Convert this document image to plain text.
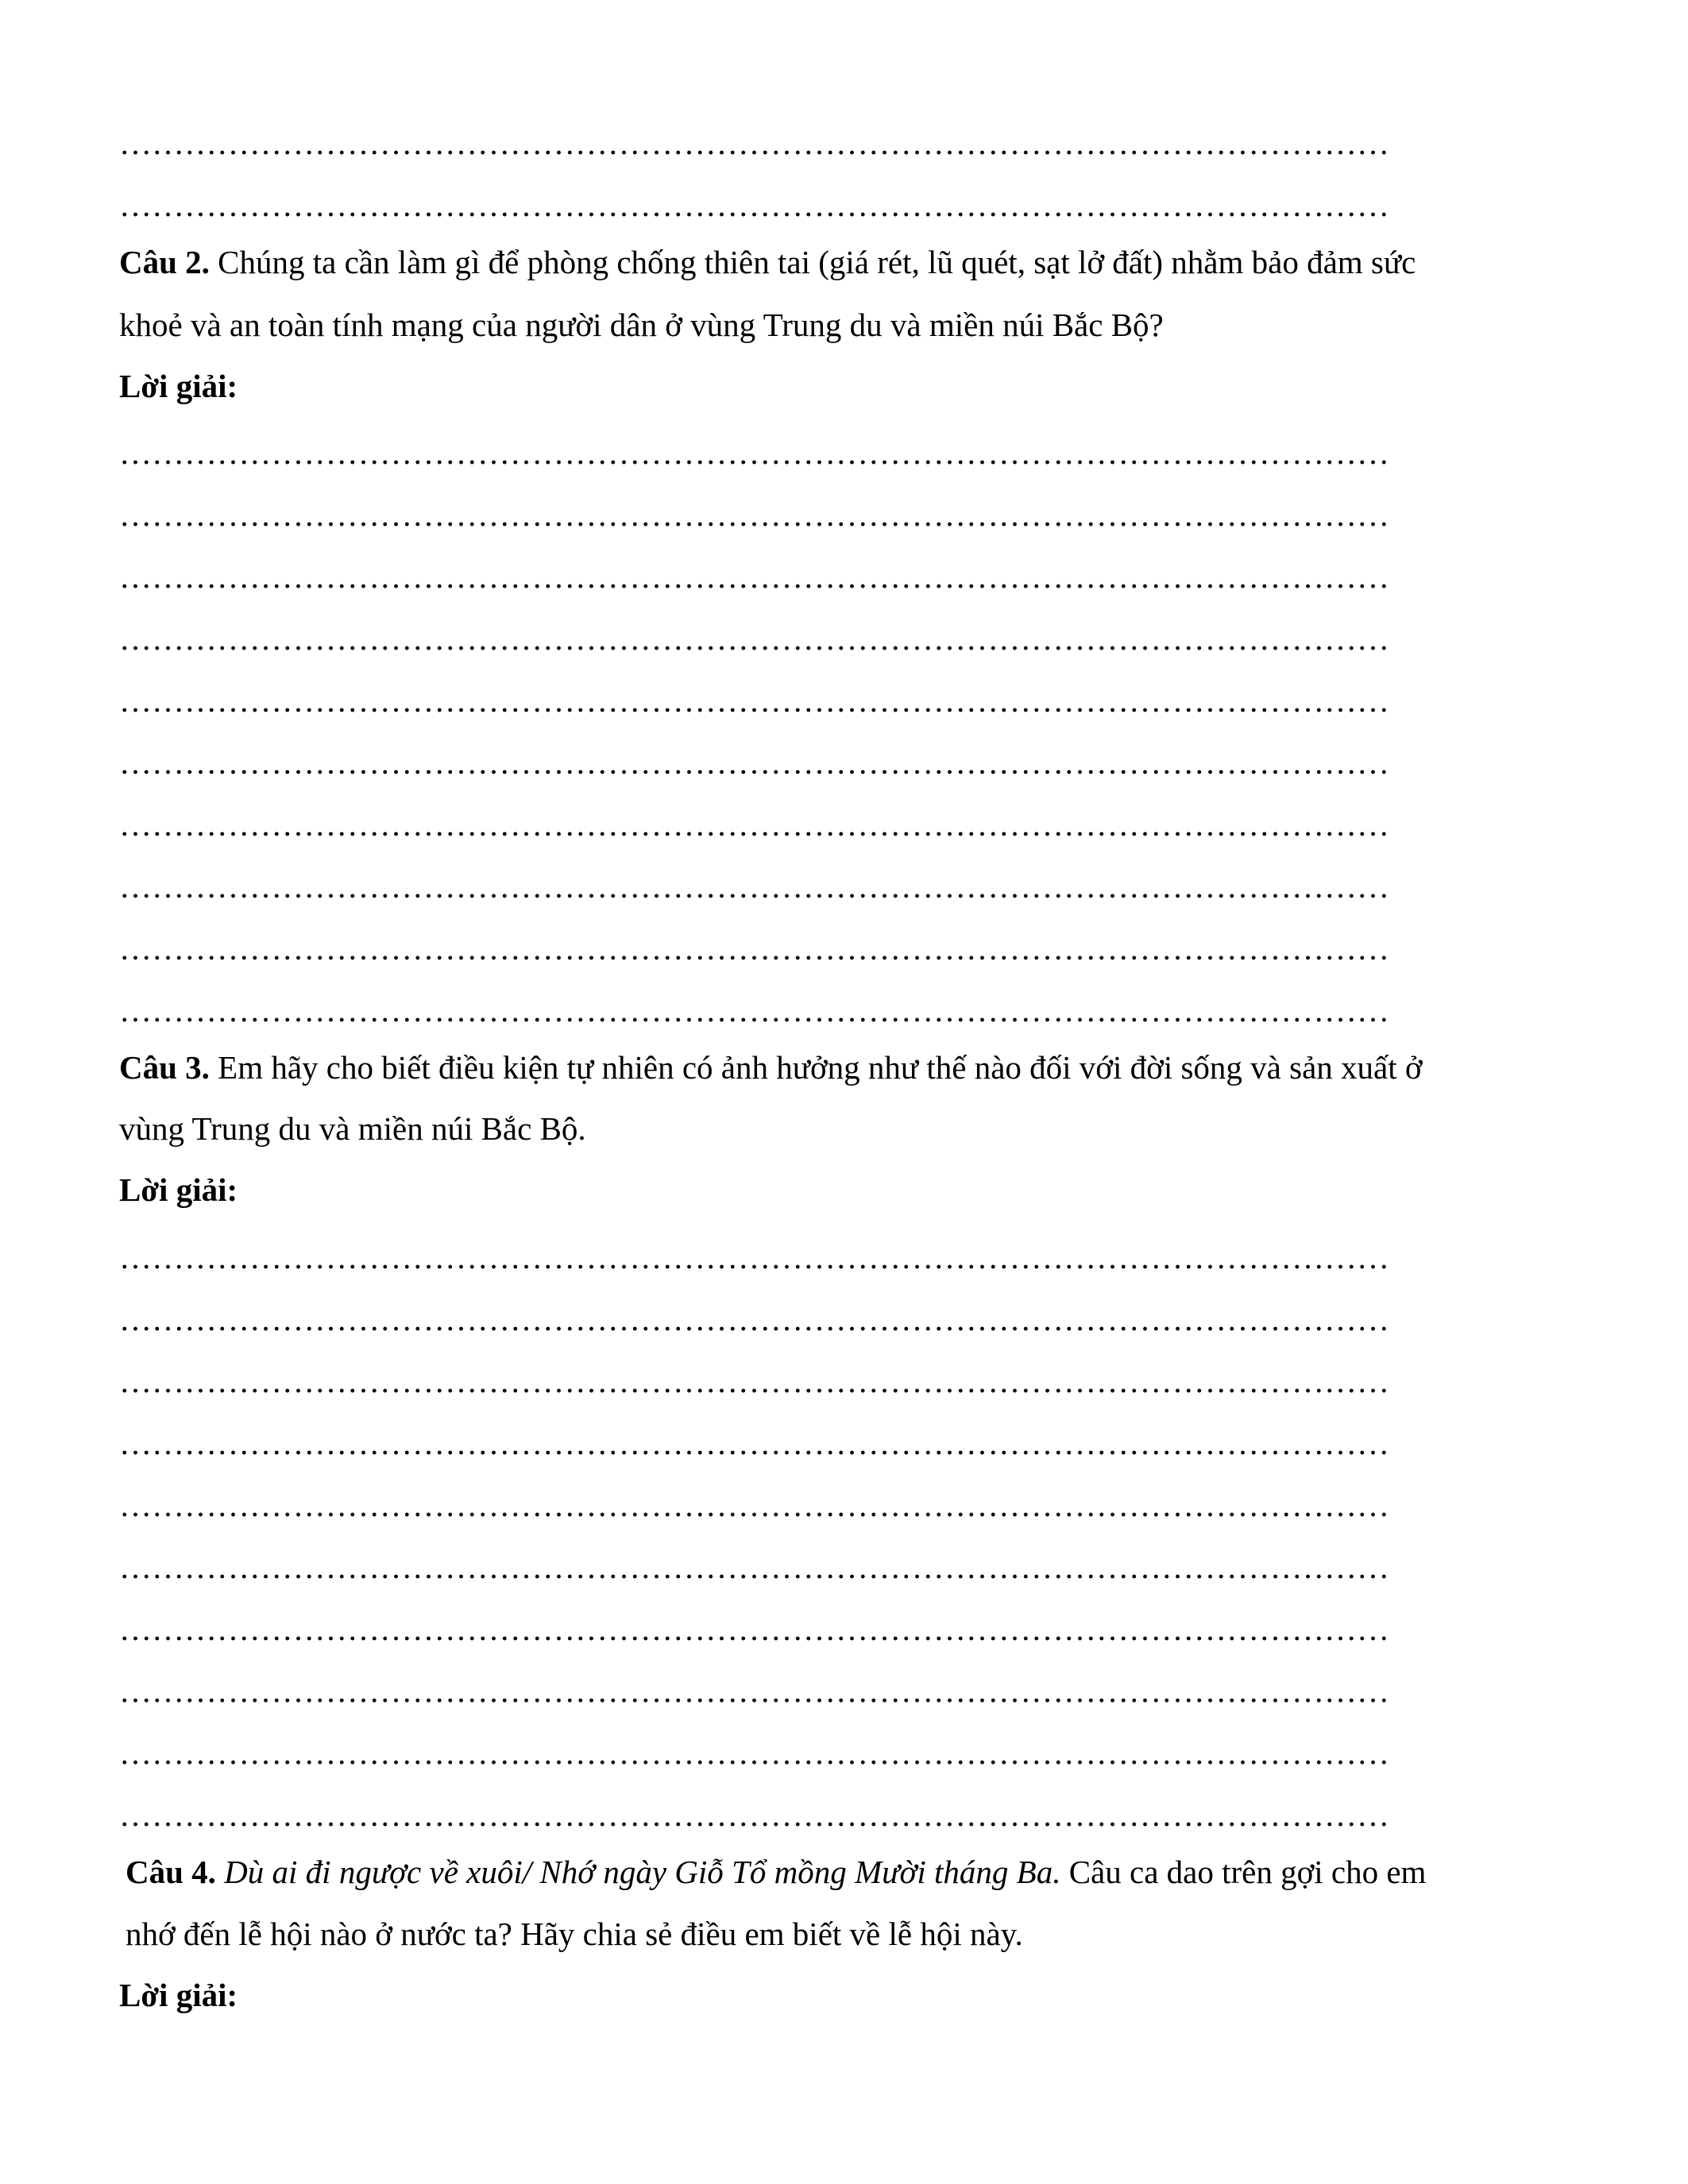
………………………………………………………………………………………………………
………………………………………………………………………………………………………
Câu 2. Chúng ta cần làm gì để phòng chống thiên tai (giá rét, lũ quét, sạt lở đất) nhằm bảo đảm sức
khoẻ và an toàn tính mạng của người dân ở vùng Trung du và miền núi Bắc Bộ?
Lời giải:
………………………………………………………………………………………………………
………………………………………………………………………………………………………
………………………………………………………………………………………………………
………………………………………………………………………………………………………
………………………………………………………………………………………………………
………………………………………………………………………………………………………
………………………………………………………………………………………………………
………………………………………………………………………………………………………
………………………………………………………………………………………………………
………………………………………………………………………………………………………
Câu 3. Em hãy cho biết điều kiện tự nhiên có ảnh hưởng như thế nào đối với đời sống và sản xuất ở
vùng Trung du và miền núi Bắc Bộ.
Lời giải:
………………………………………………………………………………………………………
………………………………………………………………………………………………………
………………………………………………………………………………………………………
………………………………………………………………………………………………………
………………………………………………………………………………………………………
………………………………………………………………………………………………………
………………………………………………………………………………………………………
………………………………………………………………………………………………………
………………………………………………………………………………………………………
………………………………………………………………………………………………………
Câu 4. Dù ai đi ngược về xuôi/ Nhớ ngày Giỗ Tổ mồng Mười tháng Ba. Câu ca dao trên gợi cho em
nhớ đến lễ hội nào ở nước ta? Hãy chia sẻ điều em biết về lễ hội này.
Lời giải:
